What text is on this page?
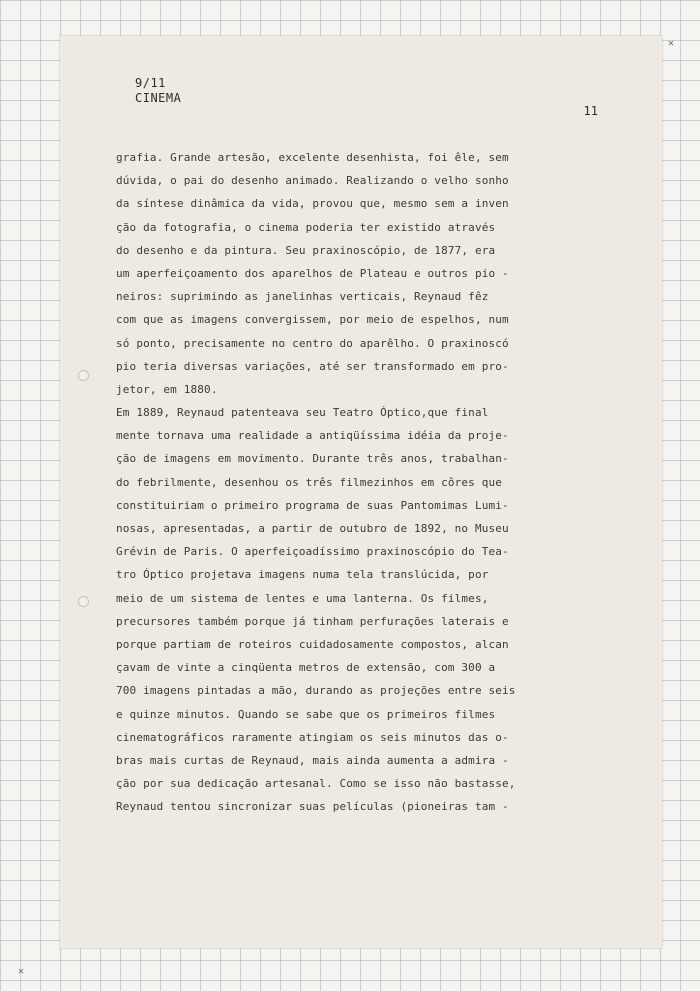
9/11
CINEMA
11
grafia. Grande artesão, excelente desenhista, foi êle, sem
dúvida, o pai do desenho animado. Realizando o velho sonho
da síntese dinâmica da vida, provou que, mesmo sem a inven
ção da fotografia, o cinema poderia ter existido através
do desenho e da pintura. Seu praxinoscópio, de 1877, era
um aperfeiçoamento dos aparelhos de Plateau e outros pio -
neiros: suprimindo as janelinhas verticais, Reynaud fêz
com que as imagens convergissem, por meio de espelhos, num
só ponto, precisamente no centro do aparêlho. O praxinoscó
pio teria diversas variações, até ser transformado em pro-
jetor, em 1880.
Em 1889, Reynaud patenteava seu Teatro Óptico,que final
mente tornava uma realidade a antiqüíssima idéia da proje-
ção de imagens em movimento. Durante três anos, trabalhan-
do febrilmente, desenhou os três filmezinhos em côres que
constituiriam o primeiro programa de suas Pantomimas Lumi-
nosas, apresentadas, a partir de outubro de 1892, no Museu
Grévin de Paris. O aperfeiçoadíssimo praxinoscópio do Tea-
tro Óptico projetava imagens numa tela translúcida, por
meio de um sistema de lentes e uma lanterna. Os filmes,
precursores também porque já tinham perfurações laterais e
porque partiam de roteiros cuidadosamente compostos, alcan
çavam de vinte a cinqüenta metros de extensão, com 300 a
700 imagens pintadas a mão, durando as projeções entre seis
e quinze minutos. Quando se sabe que os primeiros filmes
cinematográficos raramente atingiam os seis minutos das o-
bras mais curtas de Reynaud, mais ainda aumenta a admira -
ção por sua dedicação artesanal. Como se isso não bastasse,
Reynaud tentou sincronizar suas películas (pioneiras tam -
✕
✕
